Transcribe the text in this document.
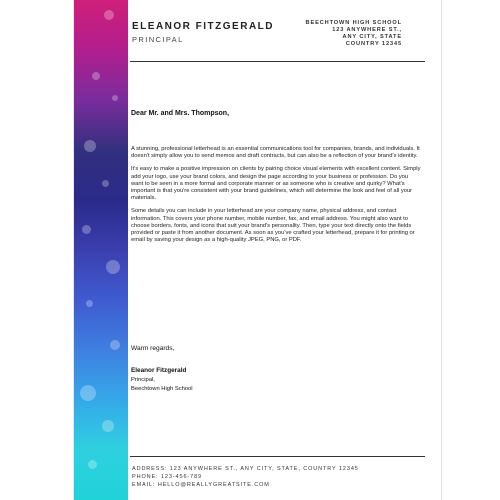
ELEANOR FITZGERALD
PRINCIPAL
BEECHTOWN HIGH SCHOOL
123 ANYWHERE ST.,
ANY CITY, STATE
COUNTRY 12345
Dear Mr. and Mrs. Thompson,

A stunning, professional letterhead is an essential communications tool for companies, brands, and individuals. It doesn't simply allow you to send memos and draft contracts, but can also be a reflection of your brand's identity.

It's easy to make a positive impression on clients by pairing choice visual elements with excellent content. Simply add your logo, use your brand colors, and design the page according to your business or profession. Do you want to be seen in a more formal and corporate manner or as someone who is creative and quirky? What's important is that you're consistent with your brand guidelines, which will determine the look and feel of all your materials.

Some details you can include in your letterhead are your company name, physical address, and contact information. This covers your phone number, mobile number, fax, and email address. You might also want to choose borders, fonts, and icons that suit your brand's personality. Then, type your text directly onto the fields provided or paste it from another document. As soon as you've crafted your letterhead, prepare it for printing or email by saving your design as a high-quality JPEG, PNG, or PDF.

Warm regards,
Eleanor Fitzgerald
Principal,
Beechtown High School
ADDRESS: 123 ANYWHERE ST., ANY CITY, STATE, COUNTRY 12345
PHONE: 123-456-789
EMAIL: HELLO@REALLYGREATSITE.COM
